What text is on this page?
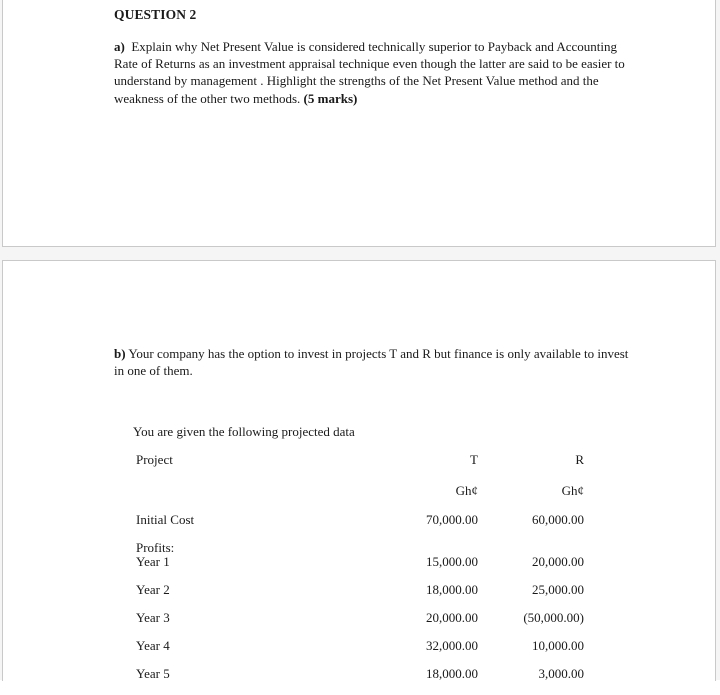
QUESTION 2
a) Explain why Net Present Value is considered technically superior to Payback and Accounting Rate of Returns as an investment appraisal technique even though the latter are said to be easier to understand by management . Highlight the strengths of the Net Present Value method and the weakness of the other two methods. (5 marks)
b) Your company has the option to invest in projects T and R but finance is only available to invest in one of them.
You are given the following projected data
Project	T	R
	Gh¢	Gh¢
Initial Cost	70,000.00	60,000.00
Profits:		
Year 1	15,000.00	20,000.00
Year 2	18,000.00	25,000.00
Year 3	20,000.00	(50,000.00)
Year 4	32,000.00	10,000.00
Year 5	18,000.00	3,000.00
